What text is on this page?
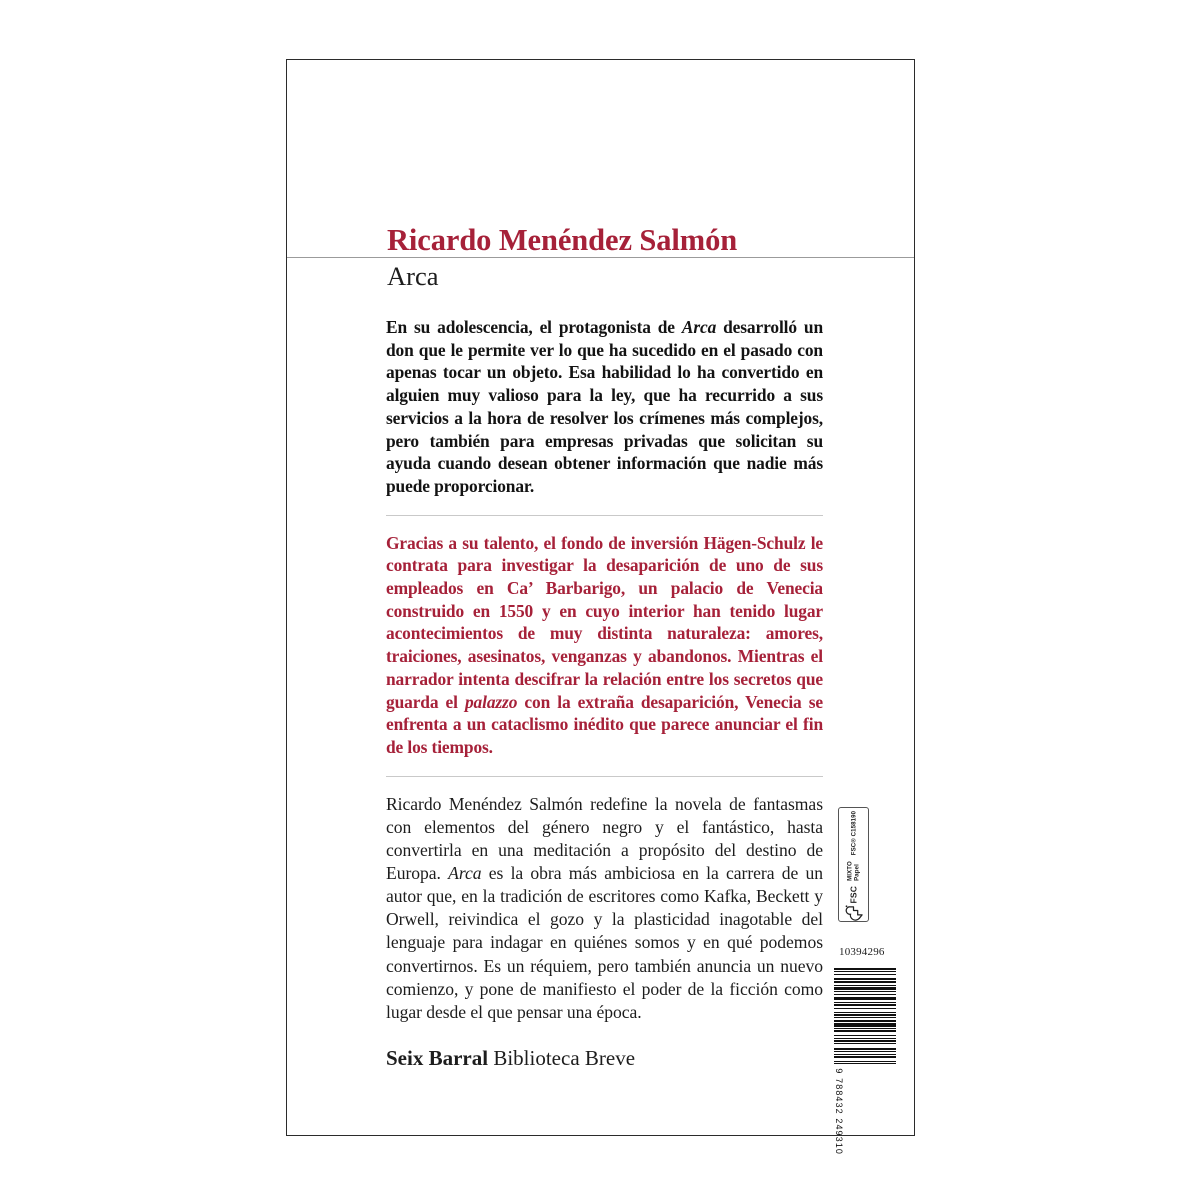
Ricardo Menéndez Salmón
Arca

En su adolescencia, el protagonista de Arca desarrolló un don que le permite ver lo que ha sucedido en el pasado con apenas tocar un objeto. Esa habilidad lo ha convertido en alguien muy valioso para la ley, que ha recurrido a sus servicios a la hora de resolver los crímenes más complejos, pero también para empresas privadas que solicitan su ayuda cuando desean obtener información que nadie más puede proporcionar.

Gracias a su talento, el fondo de inversión Hägen-Schulz le contrata para investigar la desaparición de uno de sus empleados en Ca’ Barbarigo, un palacio de Venecia construido en 1550 y en cuyo interior han tenido lugar acontecimientos de muy distinta naturaleza: amores, traiciones, asesinatos, venganzas y abandonos. Mientras el narrador intenta descifrar la relación entre los secretos que guarda el palazzo con la extraña desaparición, Venecia se enfrenta a un cataclismo inédito que parece anunciar el fin de los tiempos.

Ricardo Menéndez Salmón redefine la novela de fantasmas con elementos del género negro y el fantástico, hasta convertirla en una meditación a propósito del destino de Europa. Arca es la obra más ambiciosa en la carrera de un autor que, en la tradición de escritores como Kafka, Beckett y Orwell, reivindica el gozo y la plasticidad inagotable del lenguaje para indagar en quiénes somos y en qué podemos convertirnos. Es un réquiem, pero también anuncia un nuevo comienzo, y pone de manifiesto el poder de la ficción como lugar desde el que pensar una época.

Seix Barral Biblioteca Breve
FSC
MIXTO Papel
FSC® C158190
10394296
9 788432 249310
